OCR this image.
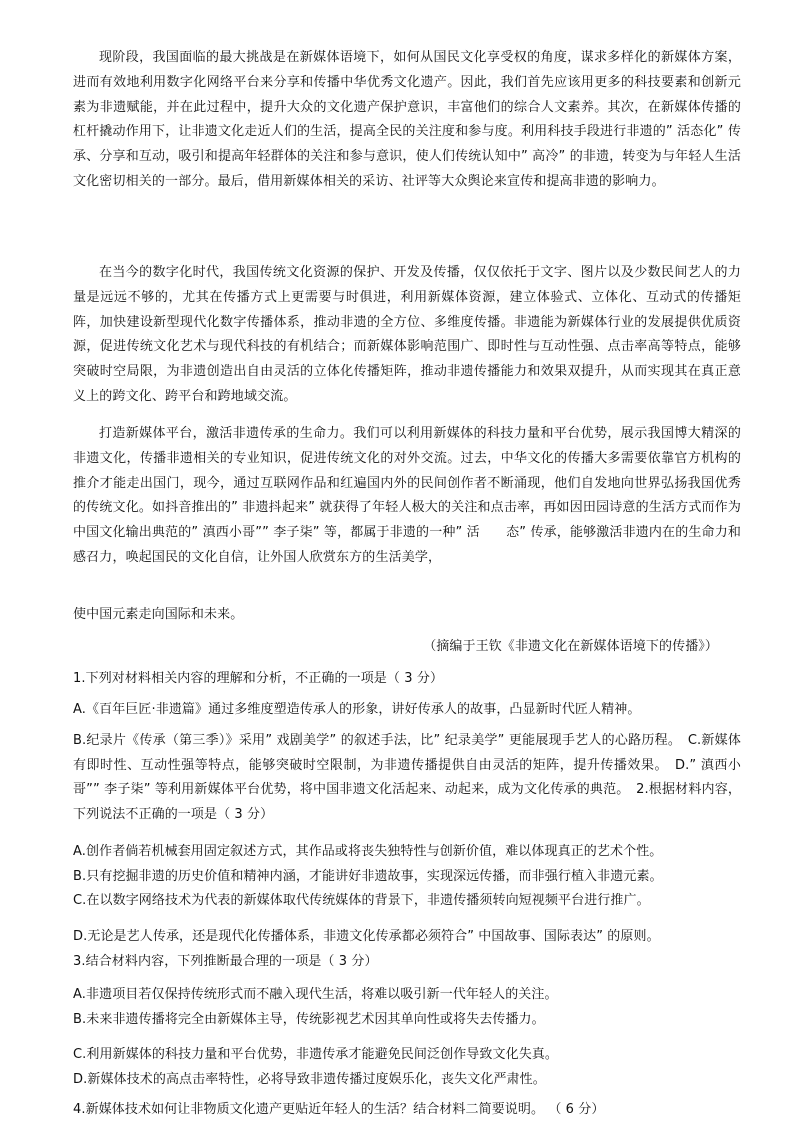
现阶段，我国面临的最大挑战是在新媒体语境下，如何从国民文化享受权的角度，谋求多样化的新媒体方案，进而有效地利用数字化网络平台来分享和传播中华优秀文化遗产。因此，我们首先应该用更多的科技要素和创新元素为非遗赋能，并在此过程中，提升大众的文化遗产保护意识，丰富他们的综合人文素养。其次，在新媒体传播的杠杆撬动作用下，让非遗文化走近人们的生活，提高全民的关注度和参与度。利用科技手段进行非遗的” 活态化” 传承、分享和互动，吸引和提高年轻群体的关注和参与意识，使人们传统认知中” 高冷” 的非遗，转变为与年轻人生活文化密切相关的一部分。最后，借用新媒体相关的采访、社评等大众舆论来宣传和提高非遗的影响力。

在当今的数字化时代，我国传统文化资源的保护、开发及传播，仅仅依托于文字、图片以及少数民间艺人的力量是远远不够的，尤其在传播方式上更需要与时俱进，利用新媒体资源，建立体验式、立体化、互动式的传播矩阵，加快建设新型现代化数字传播体系，推动非遗的全方位、多维度传播。非遗能为新媒体行业的发展提供优质资源，促进传统文化艺术与现代科技的有机结合；而新媒体影响范围广、即时性与互动性强、点击率高等特点，能够突破时空局限，为非遗创造出自由灵活的立体化传播矩阵，推动非遗传播能力和效果双提升，从而实现其在真正意义上的跨文化、跨平台和跨地域交流。

打造新媒体平台，激活非遗传承的生命力。我们可以利用新媒体的科技力量和平台优势，展示我国博大精深的非遗文化，传播非遗相关的专业知识，促进传统文化的对外交流。过去，中华文化的传播大多需要依靠官方机构的推介才能走出国门，现今，通过互联网作品和红遍国内外的民间创作者不断涌现，他们自发地向世界弘扬我国优秀的传统文化。如抖音推出的” 非遗抖起来” 就获得了年轻人极大的关注和点击率，再如因田园诗意的生活方式而作为中国文化输出典范的” 滇西小哥”” 李子柒” 等，都属于非遗的一种” 活　　态” 传承，能够激活非遗内在的生命力和感召力，唤起国民的文化自信，让外国人欣赏东方的生活美学，

使中国元素走向国际和未来。

（摘编于王钦《非遗文化在新媒体语境下的传播》）

1.下列对材料相关内容的理解和分析，不正确的一项是（ 3 分）

A.《百年巨匠·非遗篇》通过多维度塑造传承人的形象，讲好传承人的故事，凸显新时代匠人精神。

B.纪录片《传承（第三季）》采用” 戏剧美学” 的叙述手法，比” 纪录美学” 更能展现手艺人的心路历程。　C.新媒体有即时性、互动性强等特点，能够突破时空限制，为非遗传播提供自由灵活的矩阵，提升传播效果。　D.” 滇西小哥”” 李子柒” 等利用新媒体平台优势，将中国非遗文化活起来、动起来，成为文化传承的典范。　2.根据材料内容，下列说法不正确的一项是（ 3 分）

A.创作者倘若机械套用固定叙述方式，其作品或将丧失独特性与创新价值，难以体现真正的艺术个性。

B.只有挖掘非遗的历史价值和精神内涵，才能讲好非遗故事，实现深远传播，而非强行植入非遗元素。

C.在以数字网络技术为代表的新媒体取代传统媒体的背景下，非遗传播须转向短视频平台进行推广。

D.无论是艺人传承，还是现代化传播体系，非遗文化传承都必须符合” 中国故事、国际表达” 的原则。

3.结合材料内容，下列推断最合理的一项是（ 3 分）

A.非遗项目若仅保持传统形式而不融入现代生活，将难以吸引新一代年轻人的关注。

B.未来非遗传播将完全由新媒体主导，传统影视艺术因其单向性或将失去传播力。

C.利用新媒体的科技力量和平台优势，非遗传承才能避免民间泛创作导致文化失真。

D.新媒体技术的高点击率特性，必将导致非遗传播过度娱乐化，丧失文化严肃性。

4.新媒体技术如何让非物质文化遗产更贴近年轻人的生活？结合材料二简要说明。 （ 6 分）
